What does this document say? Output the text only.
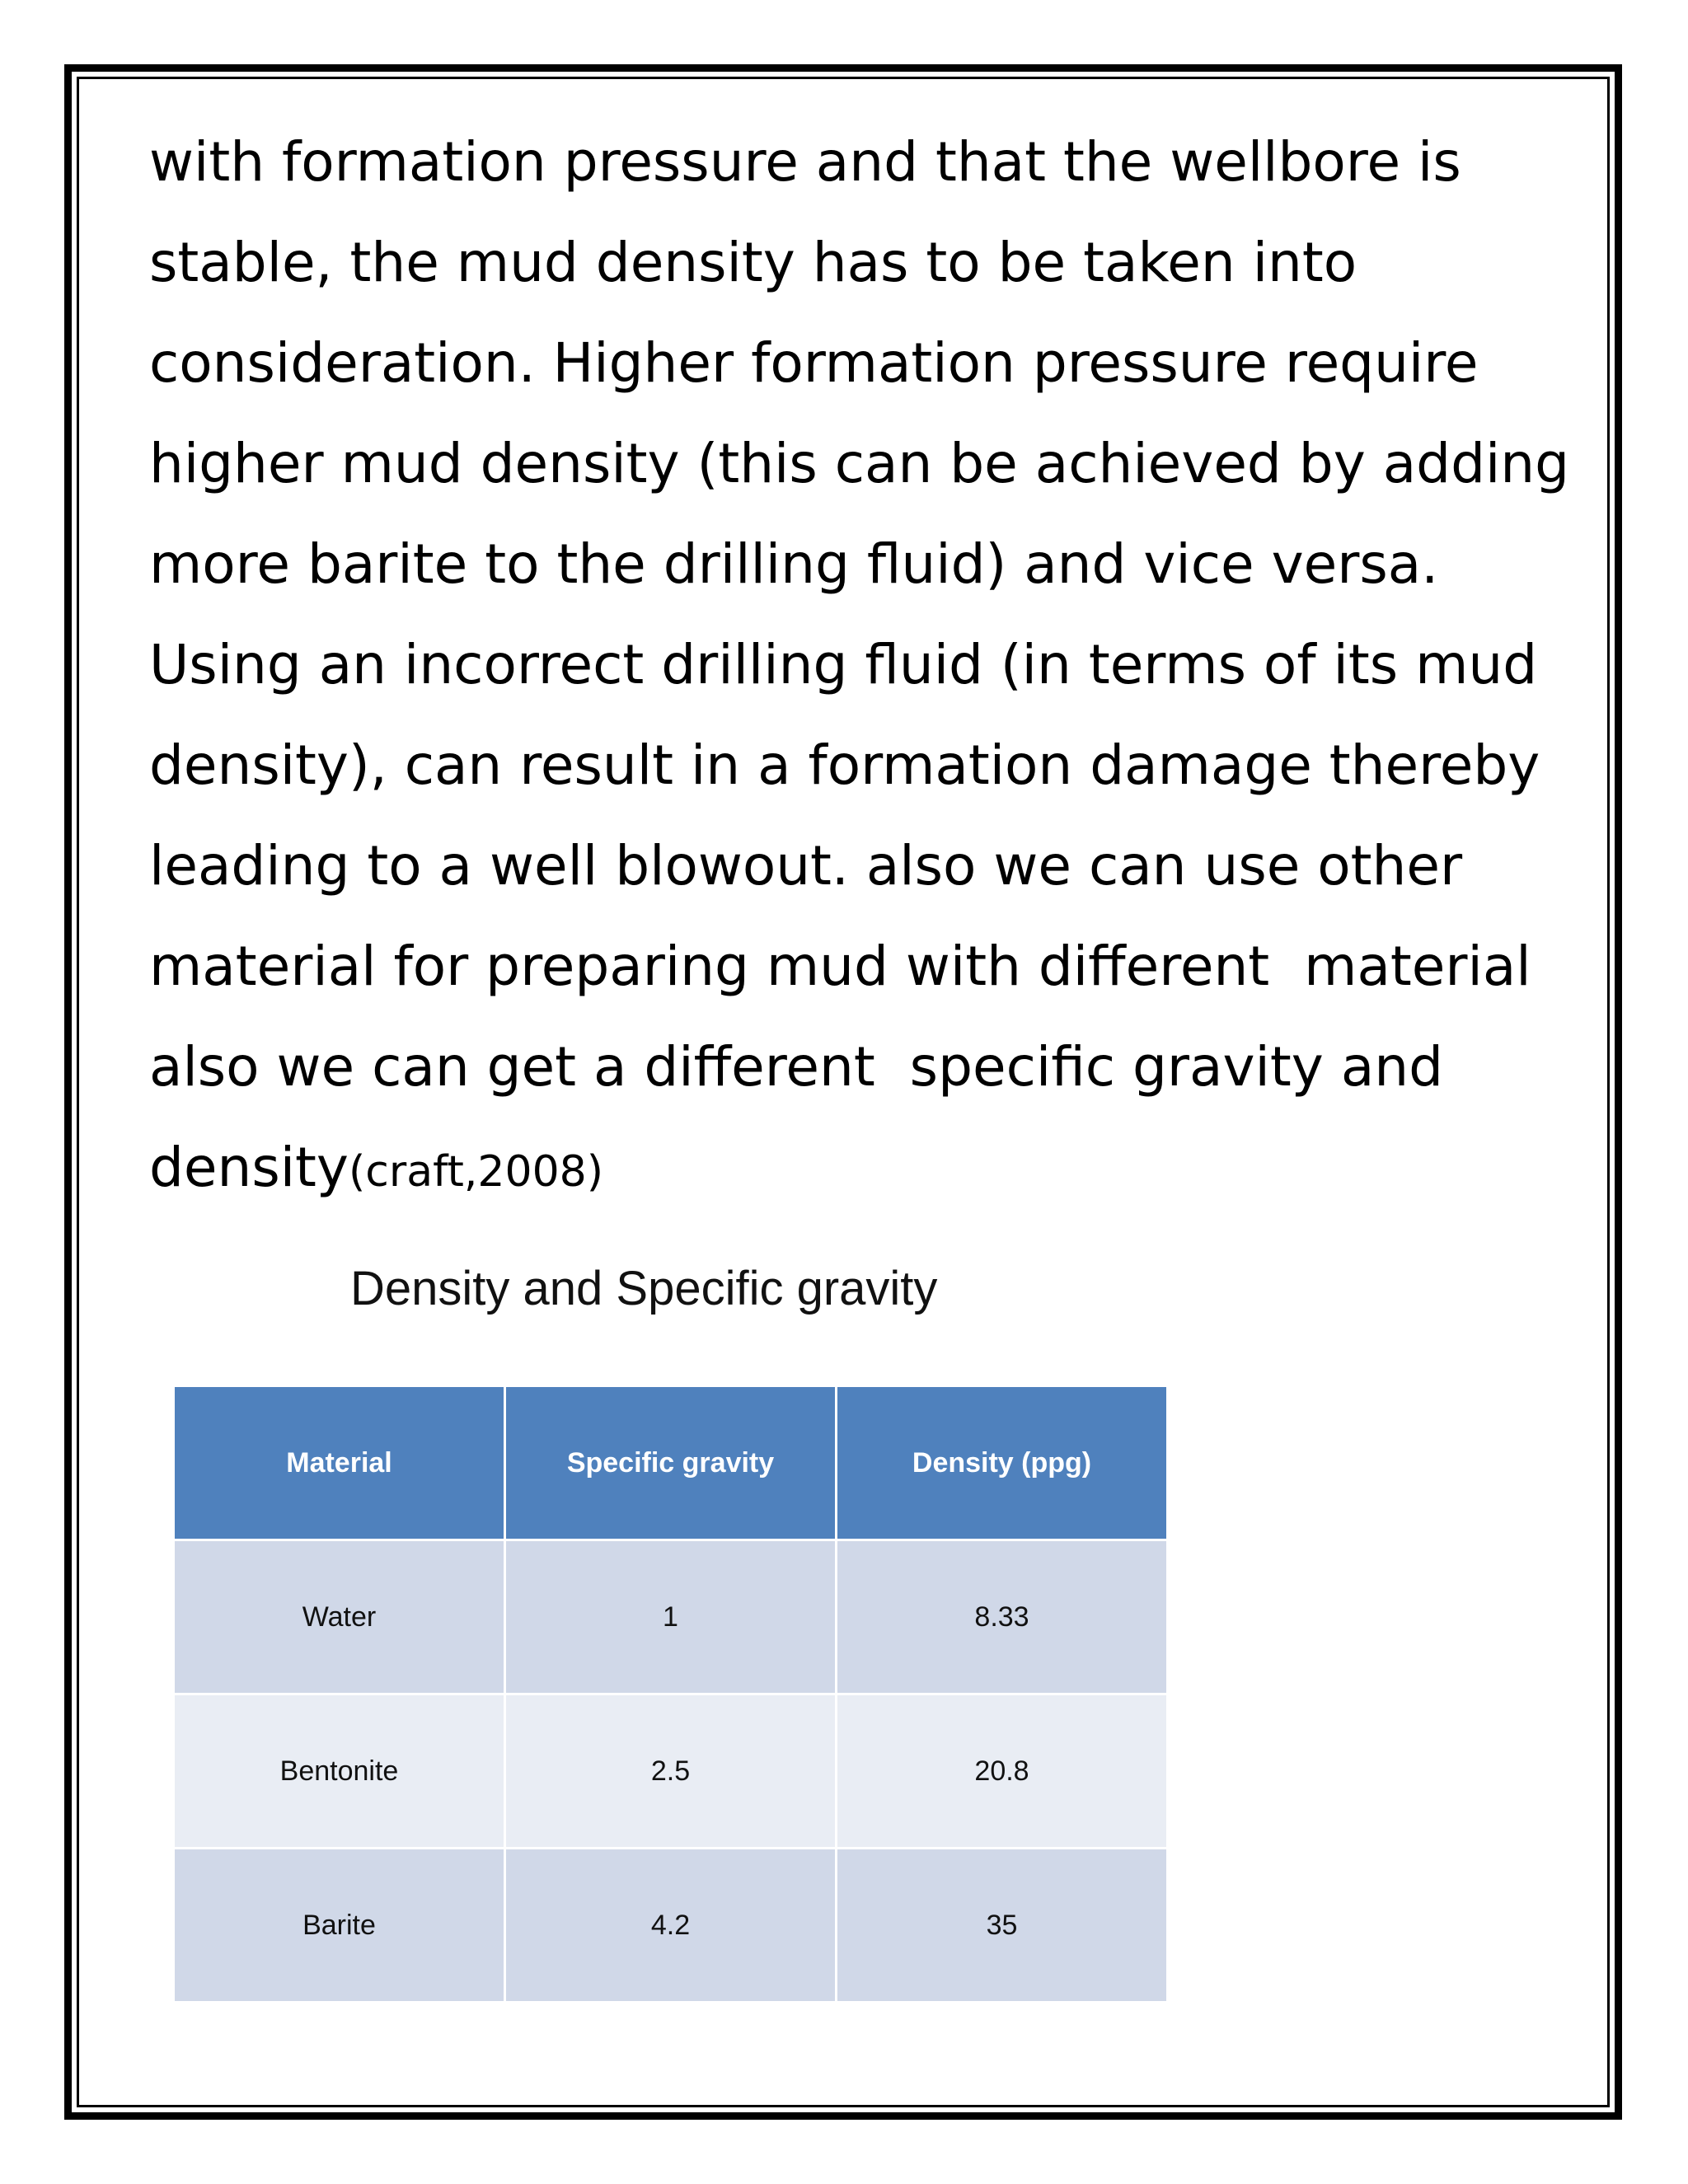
with formation pressure and that the wellbore is
stable, the mud density has to be taken into
consideration. Higher formation pressure require
higher mud density (this can be achieved by adding
more barite to the drilling fluid) and vice versa.
Using an incorrect drilling fluid (in terms of its mud
density), can result in a formation damage thereby
leading to a well blowout. also we can use other
material for preparing mud with different  material
also we can get a different  specific gravity and
density(craft,2008)
Density and Specific gravity
Material	Specific gravity	Density (ppg)
Water	1	8.33
Bentonite	2.5	20.8
Barite	4.2	35
